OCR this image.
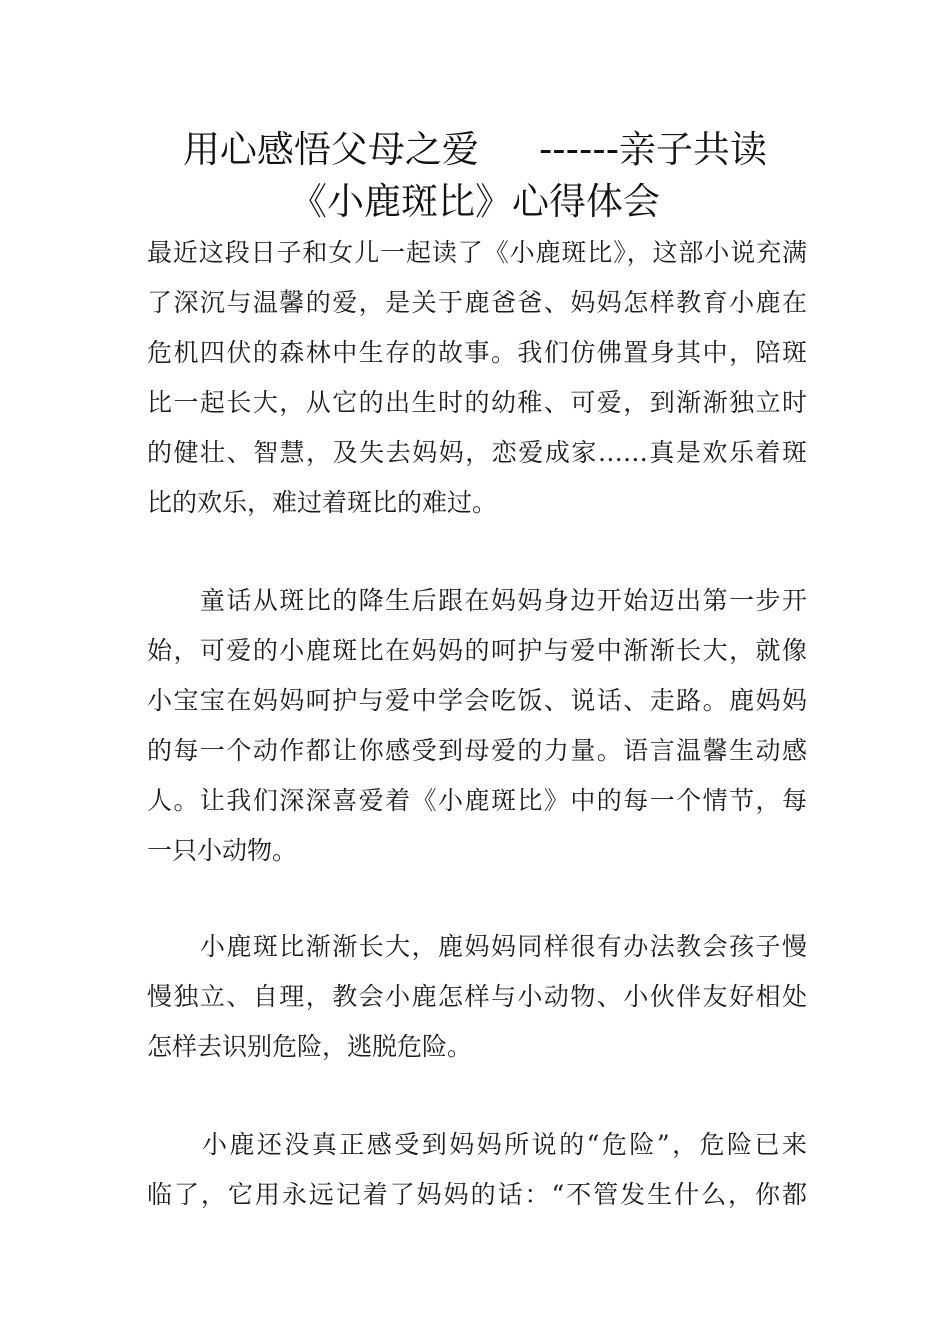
用心感悟父母之爱 ------亲子共读
《小鹿斑比》心得体会
最近这段日子和女儿一起读了《小鹿斑比》，这部小说充满
了深沉与温馨的爱，是关于鹿爸爸、妈妈怎样教育小鹿在
危机四伏的森林中生存的故事。我们仿佛置身其中，陪斑
比一起长大，从它的出生时的幼稚、可爱，到渐渐独立时
的健壮、智慧，及失去妈妈，恋爱成家……真是欢乐着斑
比的欢乐，难过着斑比的难过。
　　童话从斑比的降生后跟在妈妈身边开始迈出第一步开
始，可爱的小鹿斑比在妈妈的呵护与爱中渐渐长大，就像
小宝宝在妈妈呵护与爱中学会吃饭、说话、走路。鹿妈妈
的每一个动作都让你感受到母爱的力量。语言温馨生动感
人。让我们深深喜爱着《小鹿斑比》中的每一个情节，每
一只小动物。
　　小鹿斑比渐渐长大，鹿妈妈同样很有办法教会孩子慢
慢独立、自理，教会小鹿怎样与小动物、小伙伴友好相处
怎样去识别危险，逃脱危险。
　　小鹿还没真正感受到妈妈所说的“危险”，危险已来
临了，它用永远记着了妈妈的话：“不管发生什么，你都
